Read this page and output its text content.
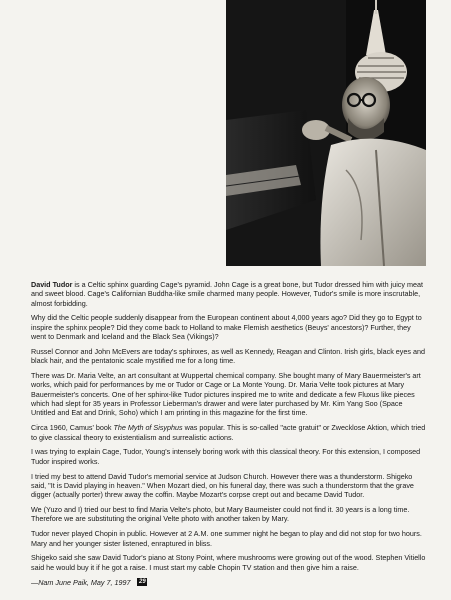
David Tudor is a Celtic sphinx guarding Cage's pyramid. John Cage is a great bone, but Tudor dressed him with juicy meat and sweet blood. Cage's Californian Buddha-like smile charmed many people. However, Tudor's smile is more inscrutable, almost forbidding.

Why did the Celtic people suddenly disappear from the European continent about 4,000 years ago? Did they go to Egypt to inspire the sphinx people? Did they come back to Holland to make Flemish aesthetics (Beuys' ancestors)? Further, they went to Denmark and Iceland and the Black Sea (Vikings)?

Russel Connor and John McEvers are today's sphinxes, as well as Kennedy, Reagan and Clinton. Irish girls, black eyes and black hair, and the pentatonic scale mystified me for a long time.

There was Dr. Maria Velte, an art consultant at Wuppertal chemical company. She bought many of Mary Bauermeister's art works, which paid for performances by me or Tudor or Cage or La Monte Young. Dr. Maria Velte took pictures at Mary Bauermeister's concerts. One of her sphinx-like Tudor pictures inspired me to write and dedicate a few Fluxus like pieces which had slept for 35 years in Professor Lieberman's drawer and were later purchased by Mr. Kim Yang Soo (Space Untitled and Eat and Drink, Soho) which I am printing in this magazine for the first time.

Circa 1960, Camus' book The Myth of Sisyphus was popular. This is so-called "acte gratuit" or Zwecklose Aktion, which tried to give classical theory to existentialism and surrealistic actions.

I was trying to explain Cage, Tudor, Young's intensely boring work with this classical theory. For this extension, I composed Tudor inspired works.

I tried my best to attend David Tudor's memorial service at Judson Church. However there was a thunderstorm. Shigeko said, "It is David playing in heaven." When Mozart died, on his funeral day, there was such a thunderstorm that the grave digger (actually porter) threw away the coffin. Maybe Mozart's corpse crept out and became David Tudor.

We (Yuzo and I) tried our best to find Maria Velte's photo, but Mary Baumeister could not find it. 30 years is a long time. Therefore we are substituting the original Velte photo with another taken by Mary.

Tudor never played Chopin in public. However at 2 A.M. one summer night he began to play and did not stop for two hours. Mary and her younger sister listened, enraptured in bliss.

Shigeko said she saw David Tudor's piano at Stony Point, where mushrooms were growing out of the wood. Stephen Vitiello said he would buy it if he got a raise. I must start my cable Chopin TV station and then give him a raise.

—Nam June Paik, May 7, 1997 29
